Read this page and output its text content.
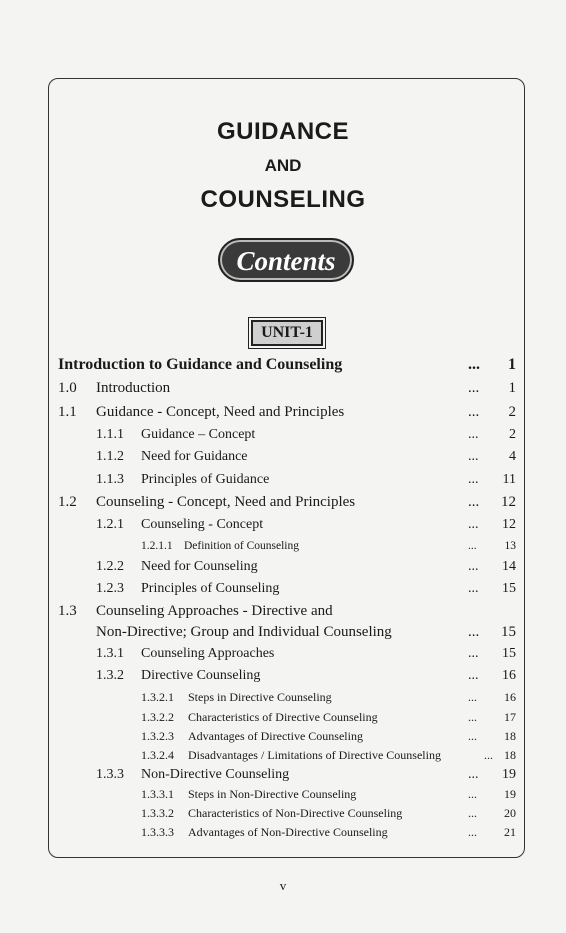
GUIDANCE
AND
COUNSELING
Contents
UNIT-1
Introduction to Guidance and Counseling	... 1
1.0 Introduction	... 1
1.1 Guidance - Concept, Need and Principles	... 2
1.1.1 Guidance – Concept	... 2
1.1.2 Need for Guidance	... 4
1.1.3 Principles of Guidance	... 11
1.2 Counseling - Concept, Need and Principles	... 12
1.2.1 Counseling - Concept	... 12
1.2.1.1 Definition of Counseling	... 13
1.2.2 Need for Counseling	... 14
1.2.3 Principles of Counseling	... 15
1.3 Counseling Approaches - Directive and
Non-Directive; Group and Individual Counseling	... 15
1.3.1 Counseling Approaches	... 15
1.3.2 Directive Counseling	... 16
1.3.2.1 Steps in Directive Counseling	... 16
1.3.2.2 Characteristics of Directive Counseling	... 17
1.3.2.3 Advantages of Directive Counseling	... 18
1.3.2.4 Disadvantages / Limitations of Directive Counseling	... 18
1.3.3 Non-Directive Counseling	... 19
1.3.3.1 Steps in Non-Directive Counseling	... 19
1.3.3.2 Characteristics of Non-Directive Counseling	... 20
1.3.3.3 Advantages of Non-Directive Counseling	... 21
v
